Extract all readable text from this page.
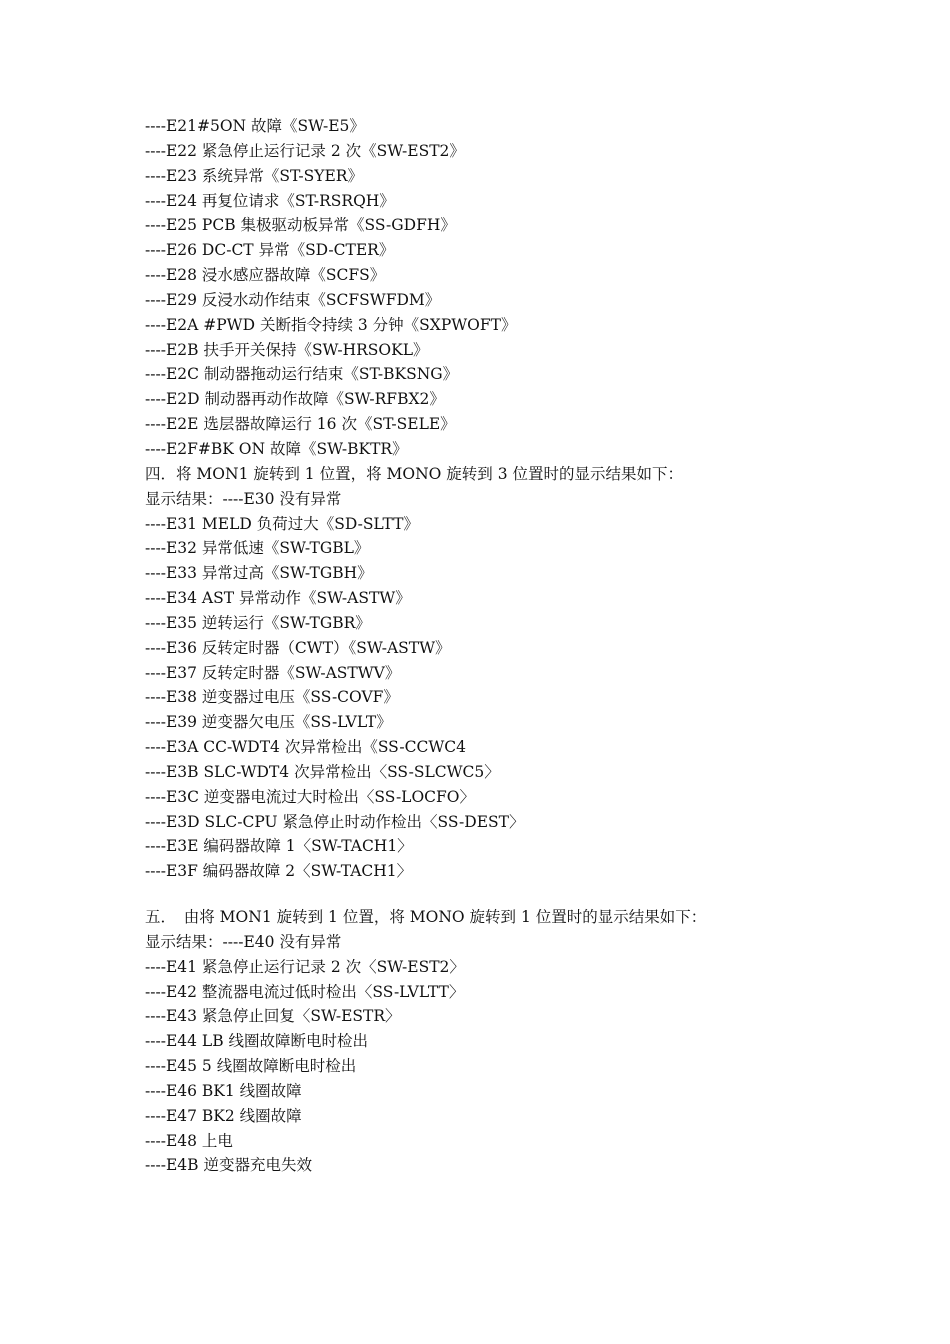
----E21#5ON 故障《SW-E5》
----E22 紧急停止运行记录 2 次《SW-EST2》
----E23 系统异常《ST-SYER》
----E24 再复位请求《ST-RSRQH》
----E25 PCB 集极驱动板异常《SS-GDFH》
----E26 DC-CT 异常《SD-CTER》
----E28 浸水感应器故障《SCFS》
----E29 反浸水动作结束《SCFSWFDM》
----E2A #PWD 关断指令持续 3 分钟《SXPWOFT》
----E2B 扶手开关保持《SW-HRSOKL》
----E2C 制动器拖动运行结束《ST-BKSNG》
----E2D 制动器再动作故障《SW-RFBX2》
----E2E 选层器故障运行 16 次《ST-SELE》
----E2F#BK ON 故障《SW-BKTR》
四．将 MON1 旋转到 1 位置，将 MONO 旋转到 3 位置时的显示结果如下：
显示结果：----E30 没有异常
----E31 MELD 负荷过大《SD-SLTT》
----E32 异常低速《SW-TGBL》
----E33 异常过高《SW-TGBH》
----E34 AST 异常动作《SW-ASTW》
----E35 逆转运行《SW-TGBR》
----E36 反转定时器（CWT）《SW-ASTW》
----E37 反转定时器《SW-ASTWV》
----E38 逆变器过电压《SS-COVF》
----E39 逆变器欠电压《SS-LVLT》
----E3A CC-WDT4 次异常检出《SS-CCWC4
----E3B SLC-WDT4 次异常检出〈SS-SLCWC5〉
----E3C 逆变器电流过大时检出〈SS-LOCFO〉
----E3D SLC-CPU 紧急停止时动作检出〈SS-DEST〉
----E3E 编码器故障 1〈SW-TACH1〉
----E3F 编码器故障 2〈SW-TACH1〉
五．　由将 MON1 旋转到 1 位置，将 MONO 旋转到 1 位置时的显示结果如下：
显示结果：----E40 没有异常
----E41 紧急停止运行记录 2 次〈SW-EST2〉
----E42 整流器电流过低时检出〈SS-LVLTT〉
----E43 紧急停止回复〈SW-ESTR〉
----E44 LB 线圈故障断电时检出
----E45 5 线圈故障断电时检出
----E46 BK1 线圈故障
----E47 BK2 线圈故障
----E48 上电
----E4B 逆变器充电失效
